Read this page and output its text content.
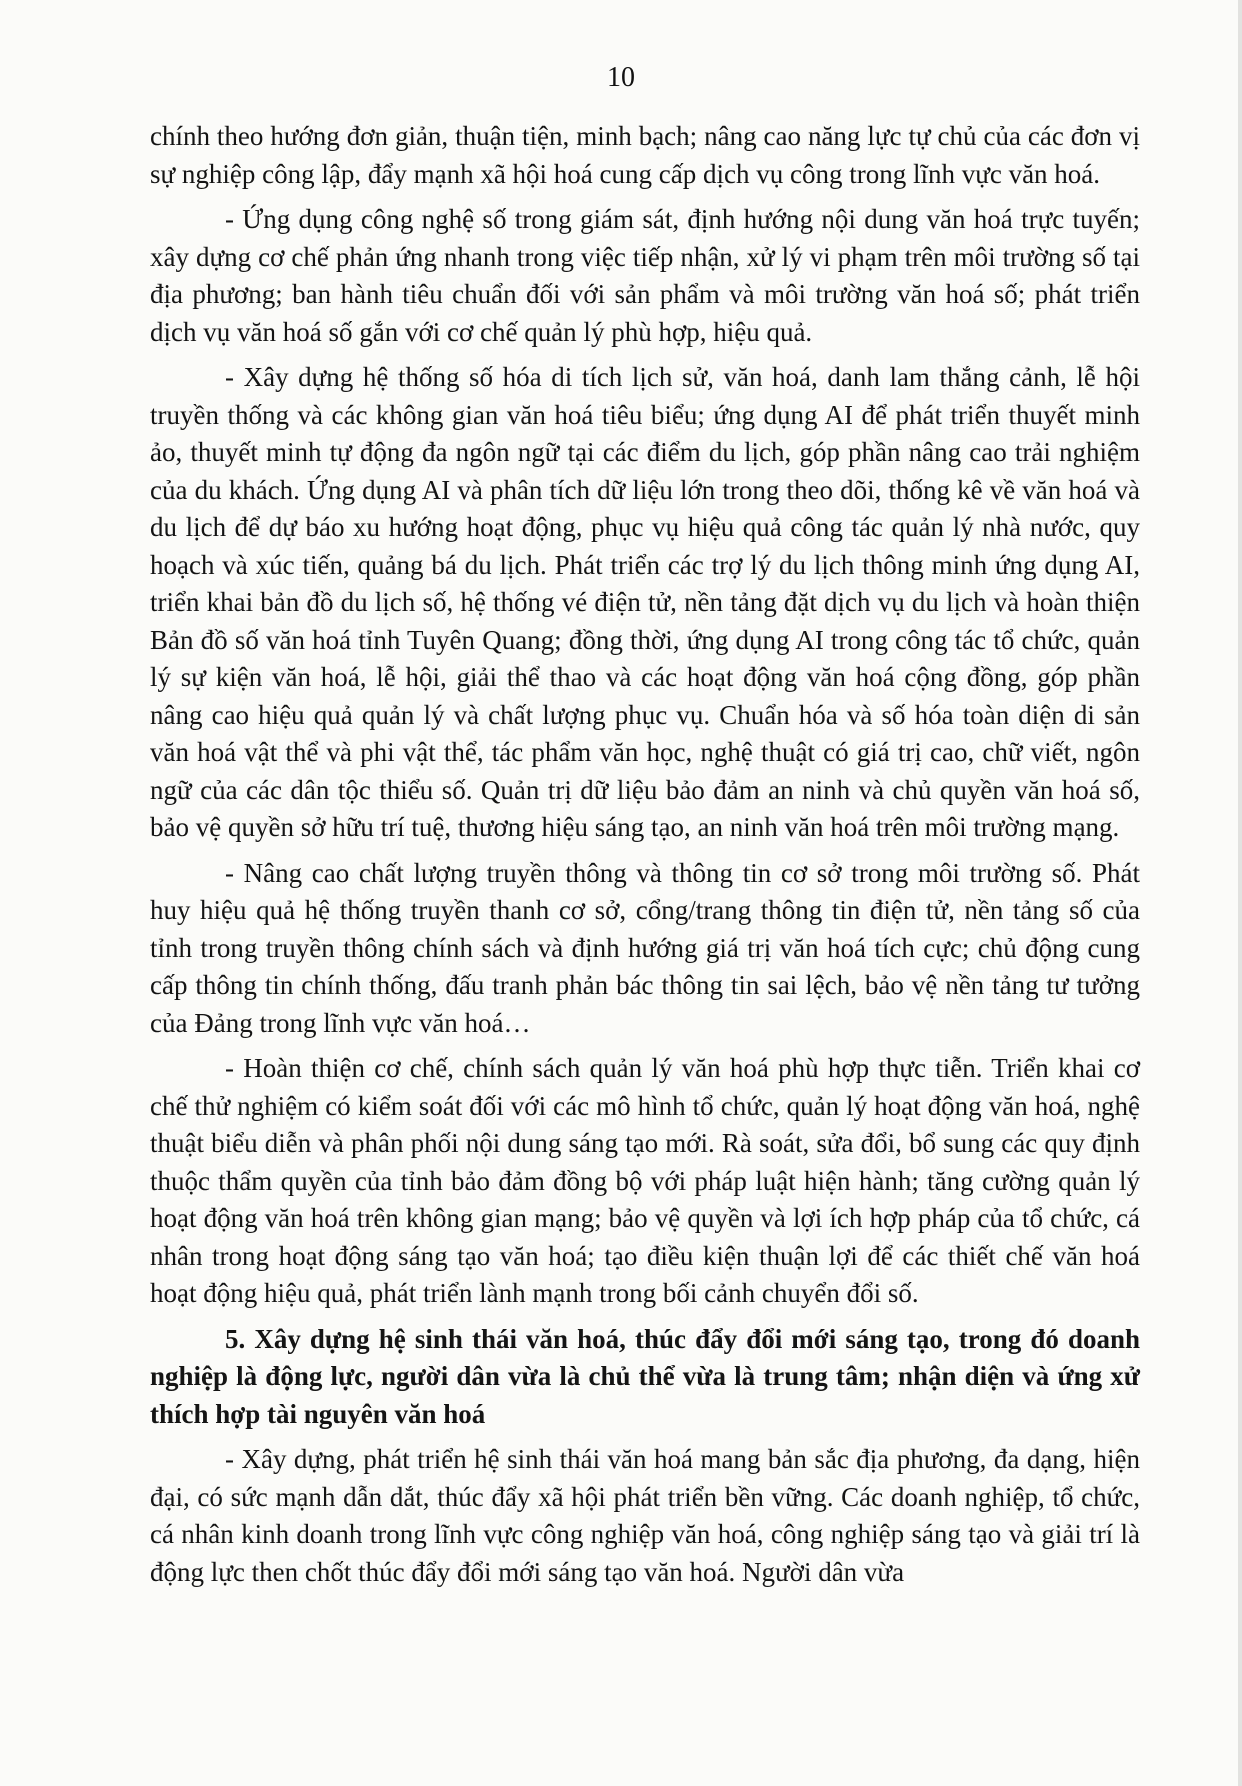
10

chính theo hướng đơn giản, thuận tiện, minh bạch; nâng cao năng lực tự chủ của các đơn vị sự nghiệp công lập, đẩy mạnh xã hội hoá cung cấp dịch vụ công trong lĩnh vực văn hoá.

- Ứng dụng công nghệ số trong giám sát, định hướng nội dung văn hoá trực tuyến; xây dựng cơ chế phản ứng nhanh trong việc tiếp nhận, xử lý vi phạm trên môi trường số tại địa phương; ban hành tiêu chuẩn đối với sản phẩm và môi trường văn hoá số; phát triển dịch vụ văn hoá số gắn với cơ chế quản lý phù hợp, hiệu quả.

- Xây dựng hệ thống số hóa di tích lịch sử, văn hoá, danh lam thắng cảnh, lễ hội truyền thống và các không gian văn hoá tiêu biểu; ứng dụng AI để phát triển thuyết minh ảo, thuyết minh tự động đa ngôn ngữ tại các điểm du lịch, góp phần nâng cao trải nghiệm của du khách. Ứng dụng AI và phân tích dữ liệu lớn trong theo dõi, thống kê về văn hoá và du lịch để dự báo xu hướng hoạt động, phục vụ hiệu quả công tác quản lý nhà nước, quy hoạch và xúc tiến, quảng bá du lịch. Phát triển các trợ lý du lịch thông minh ứng dụng AI, triển khai bản đồ du lịch số, hệ thống vé điện tử, nền tảng đặt dịch vụ du lịch và hoàn thiện Bản đồ số văn hoá tỉnh Tuyên Quang; đồng thời, ứng dụng AI trong công tác tổ chức, quản lý sự kiện văn hoá, lễ hội, giải thể thao và các hoạt động văn hoá cộng đồng, góp phần nâng cao hiệu quả quản lý và chất lượng phục vụ. Chuẩn hóa và số hóa toàn diện di sản văn hoá vật thể và phi vật thể, tác phẩm văn học, nghệ thuật có giá trị cao, chữ viết, ngôn ngữ của các dân tộc thiểu số. Quản trị dữ liệu bảo đảm an ninh và chủ quyền văn hoá số, bảo vệ quyền sở hữu trí tuệ, thương hiệu sáng tạo, an ninh văn hoá trên môi trường mạng.

- Nâng cao chất lượng truyền thông và thông tin cơ sở trong môi trường số. Phát huy hiệu quả hệ thống truyền thanh cơ sở, cổng/trang thông tin điện tử, nền tảng số của tỉnh trong truyền thông chính sách và định hướng giá trị văn hoá tích cực; chủ động cung cấp thông tin chính thống, đấu tranh phản bác thông tin sai lệch, bảo vệ nền tảng tư tưởng của Đảng trong lĩnh vực văn hoá…

- Hoàn thiện cơ chế, chính sách quản lý văn hoá phù hợp thực tiễn. Triển khai cơ chế thử nghiệm có kiểm soát đối với các mô hình tổ chức, quản lý hoạt động văn hoá, nghệ thuật biểu diễn và phân phối nội dung sáng tạo mới. Rà soát, sửa đổi, bổ sung các quy định thuộc thẩm quyền của tỉnh bảo đảm đồng bộ với pháp luật hiện hành; tăng cường quản lý hoạt động văn hoá trên không gian mạng; bảo vệ quyền và lợi ích hợp pháp của tổ chức, cá nhân trong hoạt động sáng tạo văn hoá; tạo điều kiện thuận lợi để các thiết chế văn hoá hoạt động hiệu quả, phát triển lành mạnh trong bối cảnh chuyển đổi số.

5. Xây dựng hệ sinh thái văn hoá, thúc đẩy đổi mới sáng tạo, trong đó doanh nghiệp là động lực, người dân vừa là chủ thể vừa là trung tâm; nhận diện và ứng xử thích hợp tài nguyên văn hoá

- Xây dựng, phát triển hệ sinh thái văn hoá mang bản sắc địa phương, đa dạng, hiện đại, có sức mạnh dẫn dắt, thúc đẩy xã hội phát triển bền vững. Các doanh nghiệp, tổ chức, cá nhân kinh doanh trong lĩnh vực công nghiệp văn hoá, công nghiệp sáng tạo và giải trí là động lực then chốt thúc đẩy đổi mới sáng tạo văn hoá. Người dân vừa
